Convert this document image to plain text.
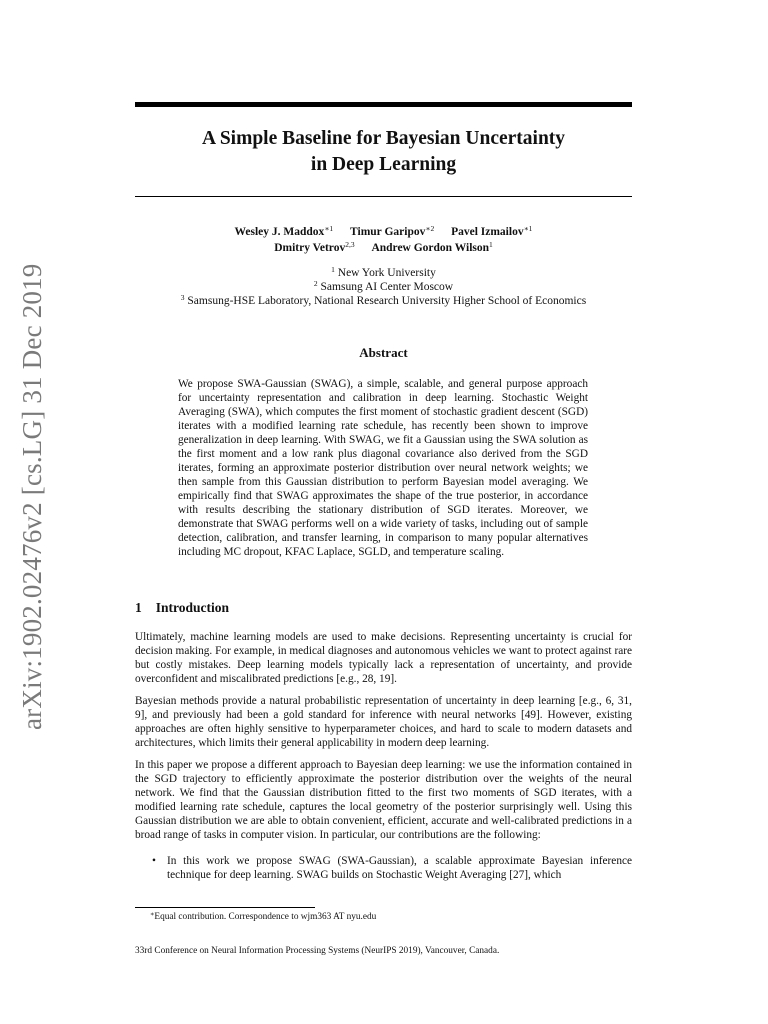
arXiv:1902.02476v2 [cs.LG] 31 Dec 2019
A Simple Baseline for Bayesian Uncertainty
in Deep Learning
Wesley J. Maddox$^{∗1}$ Timur Garipov$^{∗2}$ Pavel Izmailov$^{∗1}$
Dmitry Vetrov$^{2,3}$ Andrew Gordon Wilson$^1$
$^1$ New York University
$^2$ Samsung AI Center Moscow
$^3$ Samsung-HSE Laboratory, National Research University Higher School of Economics
Abstract

We propose SWA-Gaussian (SWAG), a simple, scalable, and general purpose approach for uncertainty representation and calibration in deep learning. Stochastic Weight Averaging (SWA), which computes the first moment of stochastic gradient descent (SGD) iterates with a modified learning rate schedule, has recently been shown to improve generalization in deep learning. With SWAG, we fit a Gaussian using the SWA solution as the first moment and a low rank plus diagonal covariance also derived from the SGD iterates, forming an approximate posterior distribution over neural network weights; we then sample from this Gaussian distribution to perform Bayesian model averaging. We empirically find that SWAG approximates the shape of the true posterior, in accordance with results describing the stationary distribution of SGD iterates. Moreover, we demonstrate that SWAG performs well on a wide variety of tasks, including out of sample detection, calibration, and transfer learning, in comparison to many popular alternatives including MC dropout, KFAC Laplace, SGLD, and temperature scaling.

1 Introduction

Ultimately, machine learning models are used to make decisions. Representing uncertainty is crucial for decision making. For example, in medical diagnoses and autonomous vehicles we want to protect against rare but costly mistakes. Deep learning models typically lack a representation of uncertainty, and provide overconfident and miscalibrated predictions [e.g., 28, 19].

Bayesian methods provide a natural probabilistic representation of uncertainty in deep learning [e.g., 6, 31, 9], and previously had been a gold standard for inference with neural networks [49]. However, existing approaches are often highly sensitive to hyperparameter choices, and hard to scale to modern datasets and architectures, which limits their general applicability in modern deep learning.

In this paper we propose a different approach to Bayesian deep learning: we use the information contained in the SGD trajectory to efficiently approximate the posterior distribution over the weights of the neural network. We find that the Gaussian distribution fitted to the first two moments of SGD iterates, with a modified learning rate schedule, captures the local geometry of the posterior surprisingly well. Using this Gaussian distribution we are able to obtain convenient, efficient, accurate and well-calibrated predictions in a broad range of tasks in computer vision. In particular, our contributions are the following:

• In this work we propose SWAG (SWA-Gaussian), a scalable approximate Bayesian inference technique for deep learning. SWAG builds on Stochastic Weight Averaging [27], which
∗Equal contribution. Correspondence to wjm363 AT nyu.edu
33rd Conference on Neural Information Processing Systems (NeurIPS 2019), Vancouver, Canada.
